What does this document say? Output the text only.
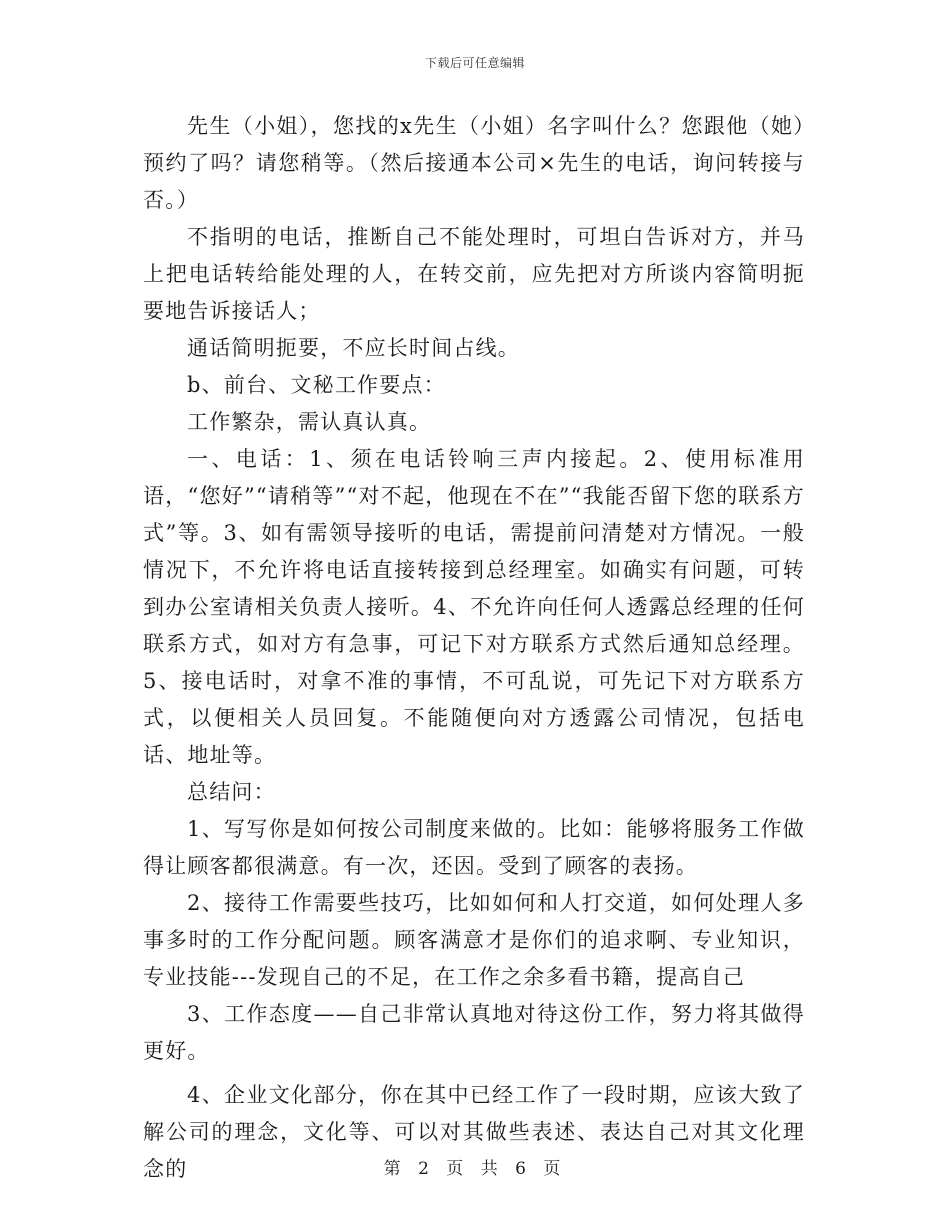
下载后可任意编辑

先生（小姐），您找的x先生（小姐）名字叫什么？您跟他（她）预约了吗？请您稍等。（然后接通本公司×先生的电话，询问转接与否。）

不指明的电话，推断自己不能处理时，可坦白告诉对方，并马上把电话转给能处理的人，在转交前，应先把对方所谈内容简明扼要地告诉接话人；

通话简明扼要，不应长时间占线。

b、前台、文秘工作要点：

工作繁杂，需认真认真。

一、电话：1、须在电话铃响三声内接起。2、使用标准用语，“您好”“请稍等”“对不起，他现在不在”“我能否留下您的联系方式”等。3、如有需领导接听的电话，需提前问清楚对方情况。一般情况下，不允许将电话直接转接到总经理室。如确实有问题，可转到办公室请相关负责人接听。4、不允许向任何人透露总经理的任何联系方式，如对方有急事，可记下对方联系方式然后通知总经理。5、接电话时，对拿不准的事情，不可乱说，可先记下对方联系方式，以便相关人员回复。不能随便向对方透露公司情况，包括电话、地址等。

总结问：

1、写写你是如何按公司制度来做的。比如：能够将服务工作做得让顾客都很满意。有一次，还因。受到了顾客的表扬。

2、接待工作需要些技巧，比如如何和人打交道，如何处理人多事多时的工作分配问题。顾客满意才是你们的追求啊、专业知识，专业技能---发现自己的不足，在工作之余多看书籍，提高自己

3、工作态度——自己非常认真地对待这份工作，努力将其做得更好。

4、企业文化部分，你在其中已经工作了一段时期，应该大致了解公司的理念，文化等、可以对其做些表述、表达自己对其文化理念的	第 2 页 共 6 页
